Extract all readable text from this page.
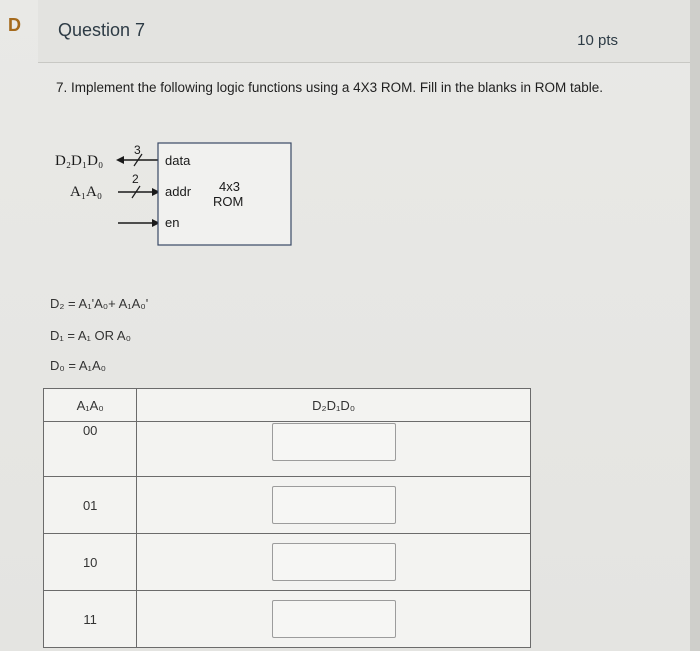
D	Question 7
10 pts
7. Implement the following logic functions using a 4X3 ROM. Fill in the blanks in ROM table.
D₂D₁D₀
A₁A₀
3
2
data
addr
en
4x3
ROM
D₂ = A₁'A₀+ A₁A₀'
D₁ = A₁ OR A₀
D₀ = A₁A₀
A₁A₀	D₂D₁D₀
00	
01	
10	
11	
